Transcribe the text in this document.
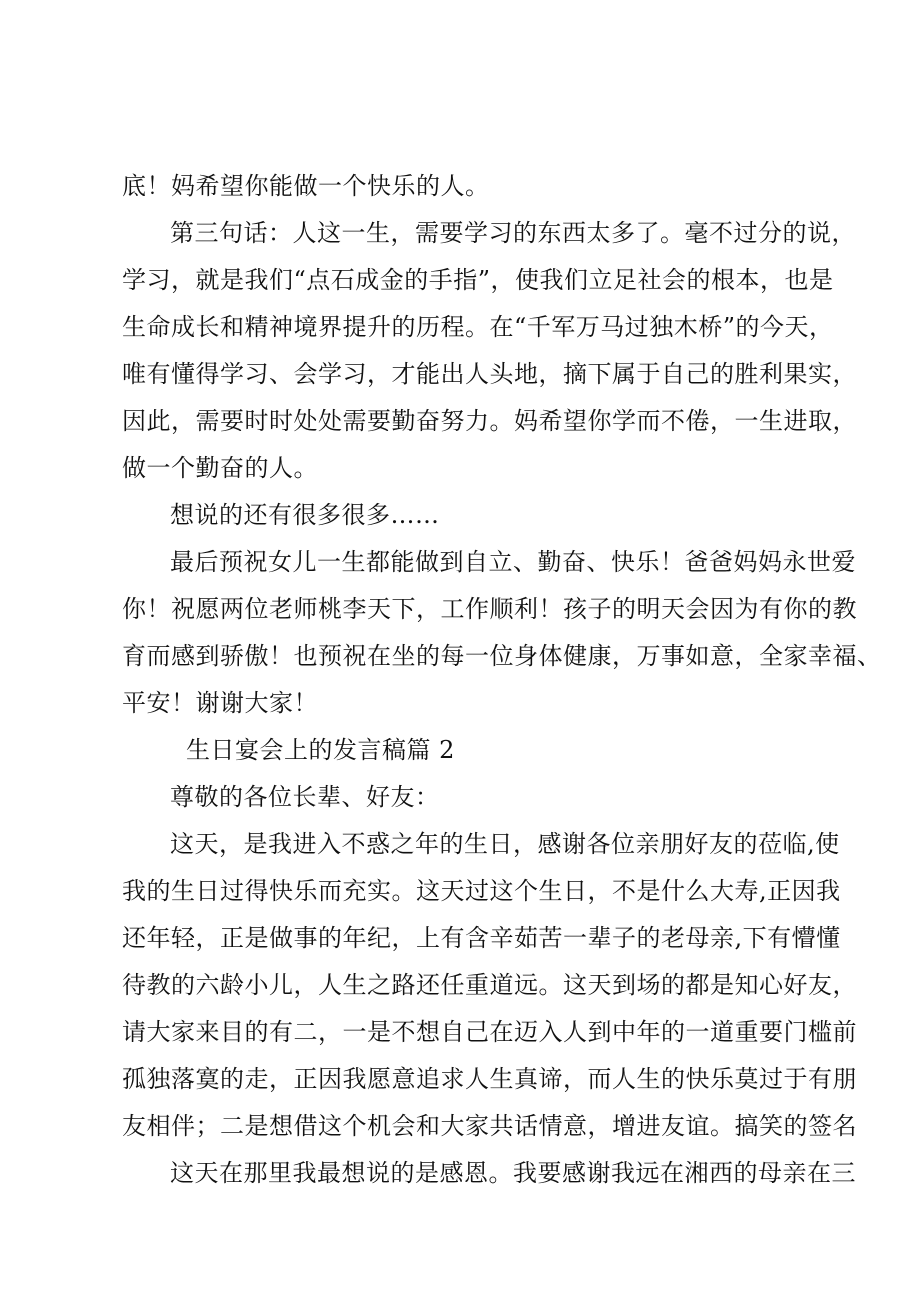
底！妈希望你能做一个快乐的人。
第三句话：人这一生，需要学习的东西太多了。毫不过分的说，
学习，就是我们“点石成金的手指”，使我们立足社会的根本，也是
生命成长和精神境界提升的历程。在“千军万马过独木桥”的今天，
唯有懂得学习、会学习，才能出人头地，摘下属于自己的胜利果实，
因此，需要时时处处需要勤奋努力。妈希望你学而不倦，一生进取，
做一个勤奋的人。
想说的还有很多很多……
最后预祝女儿一生都能做到自立、勤奋、快乐！爸爸妈妈永世爱
你！祝愿两位老师桃李天下，工作顺利！孩子的明天会因为有你的教
育而感到骄傲！也预祝在坐的每一位身体健康，万事如意，全家幸福、
平安！谢谢大家！
生日宴会上的发言稿篇 2
尊敬的各位长辈、好友：
这天，是我进入不惑之年的生日，感谢各位亲朋好友的莅临,使
我的生日过得快乐而充实。这天过这个生日，不是什么大寿,正因我
还年轻，正是做事的年纪，上有含辛茹苦一辈子的老母亲,下有懵懂
待教的六龄小儿，人生之路还任重道远。这天到场的都是知心好友，
请大家来目的有二，一是不想自己在迈入人到中年的一道重要门槛前
孤独落寞的走，正因我愿意追求人生真谛，而人生的快乐莫过于有朋
友相伴；二是想借这个机会和大家共话情意，增进友谊。搞笑的签名
这天在那里我最想说的是感恩。我要感谢我远在湘西的母亲在三
